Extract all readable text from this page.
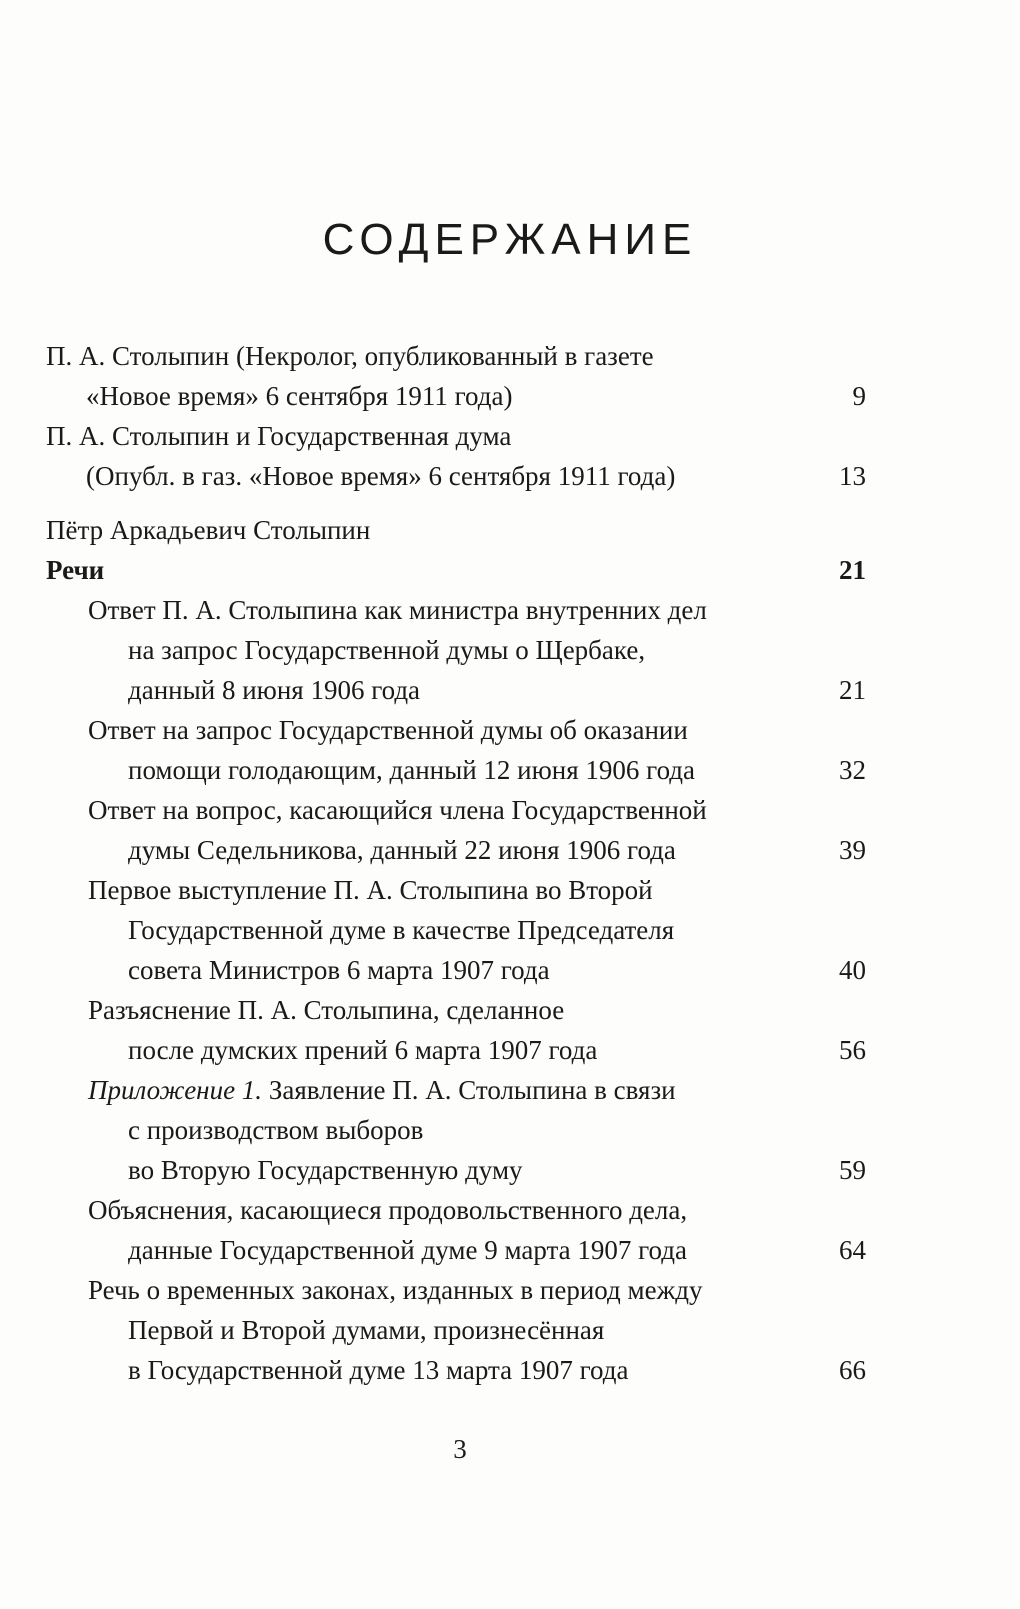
СОДЕРЖАНИЕ
П. А. Столыпин (Некролог, опубликованный в газете
«Новое время» 6 сентября 1911 года)	9
П. А. Столыпин и Государственная дума
(Опубл. в газ. «Новое время» 6 сентября 1911 года)	13
Пётр Аркадьевич Столыпин
Речи	21
Ответ П. А. Столыпина как министра внутренних дел
на запрос Государственной думы о Щербаке,
данный 8 июня 1906 года	21
Ответ на запрос Государственной думы об оказании
помощи голодающим, данный 12 июня 1906 года	32
Ответ на вопрос, касающийся члена Государственной
думы Седельникова, данный 22 июня 1906 года	39
Первое выступление П. А. Столыпина во Второй
Государственной думе в качестве Председателя
совета Министров 6 марта 1907 года	40
Разъяснение П. А. Столыпина, сделанное
после думских прений 6 марта 1907 года	56
Приложение 1. Заявление П. А. Столыпина в связи
с производством выборов
во Вторую Государственную думу	59
Объяснения, касающиеся продовольственного дела,
данные Государственной думе 9 марта 1907 года	64
Речь о временных законах, изданных в период между
Первой и Второй думами, произнесённая
в Государственной думе 13 марта 1907 года	66
3
